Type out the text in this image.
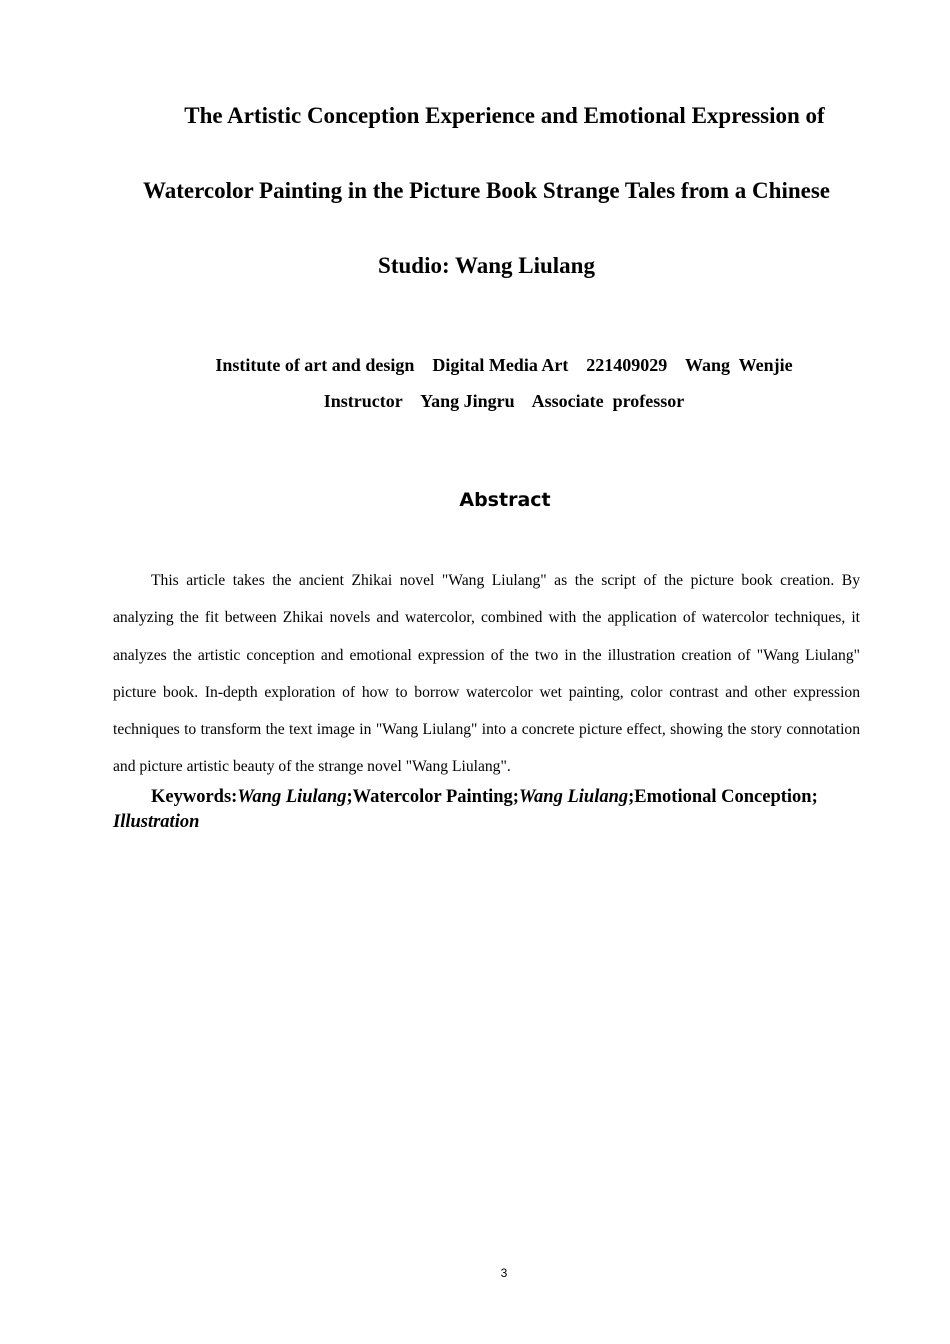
The Artistic Conception Experience and Emotional Expression of
Watercolor Painting in the Picture Book Strange Tales from a Chinese
Studio: Wang Liulang
Institute of art and design    Digital Media Art    221409029    Wang  Wenjie
Instructor    Yang Jingru    Associate  professor
Abstract

This article takes the ancient Zhikai novel "Wang Liulang" as the script of the picture book creation. By analyzing the fit between Zhikai novels and watercolor, combined with the application of watercolor techniques, it analyzes the artistic conception and emotional expression of the two in the illustration creation of "Wang Liulang" picture book. In-depth exploration of how to borrow watercolor wet painting, color contrast and other expression techniques to transform the text image in "Wang Liulang" into a concrete picture effect, showing the story connotation and picture artistic beauty of the strange novel "Wang Liulang".

Keywords:Wang Liulang;Watercolor Painting;Wang Liulang;Emotional Conception;
Illustration

3
